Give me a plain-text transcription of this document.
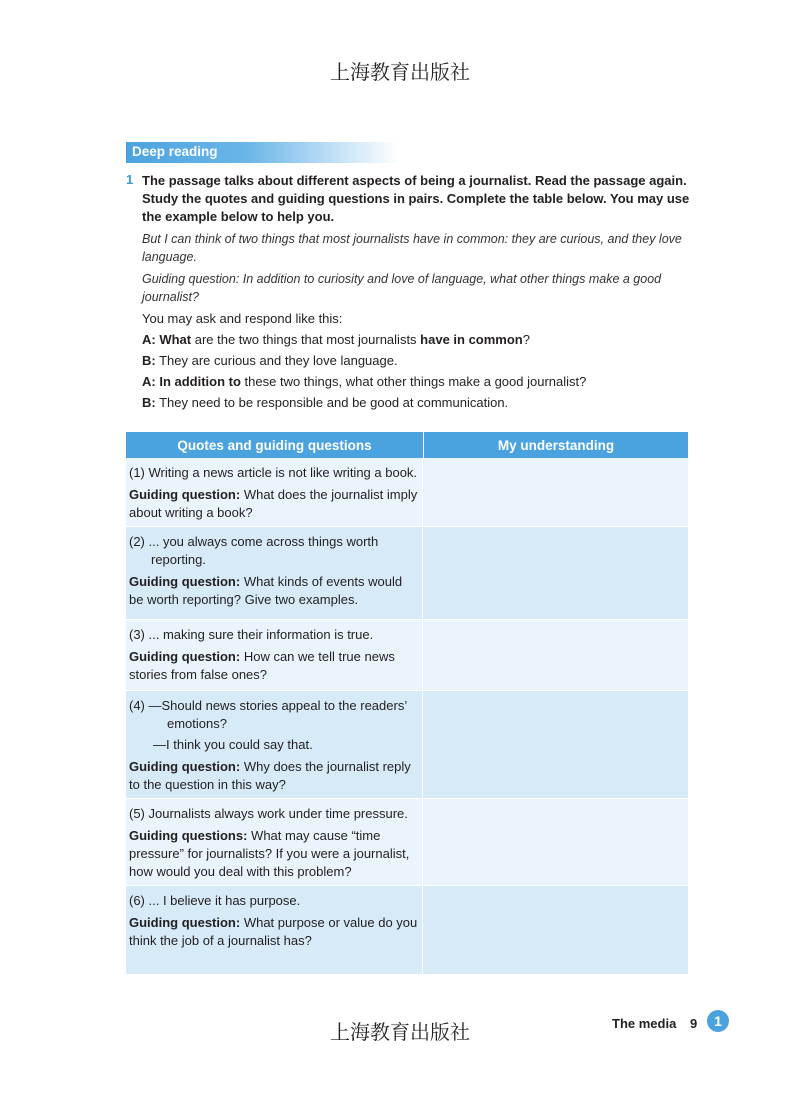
上海教育出版社
Deep reading
1 The passage talks about different aspects of being a journalist. Read the passage again. Study the quotes and guiding questions in pairs. Complete the table below. You may use the example below to help you.

But I can think of two things that most journalists have in common: they are curious, and they love language.

Guiding question: In addition to curiosity and love of language, what other things make a good journalist?

You may ask and respond like this:

A: What are the two things that most journalists have in common?

B: They are curious and they love language.

A: In addition to these two things, what other things make a good journalist?

B: They need to be responsible and be good at communication.

Quotes and guiding questions	My understanding

(1) Writing a news article is not like writing a book.

Guiding question: What does the journalist imply about writing a book?

(2) ... you always come across things worth

reporting.

Guiding question: What kinds of events would be worth reporting? Give two examples.

(3) ... making sure their information is true.

Guiding question: How can we tell true news stories from false ones?

(4) —Should news stories appeal to the readers’

emotions?

—I think you could say that.

Guiding question: Why does the journalist reply to the question in this way?

(5) Journalists always work under time pressure.

Guiding questions: What may cause “time pressure” for journalists? If you were a journalist, how would you deal with this problem?

(6) ... I believe it has purpose.

Guiding question: What purpose or value do you think the job of a journalist has?

上海教育出版社	The media 9	1
